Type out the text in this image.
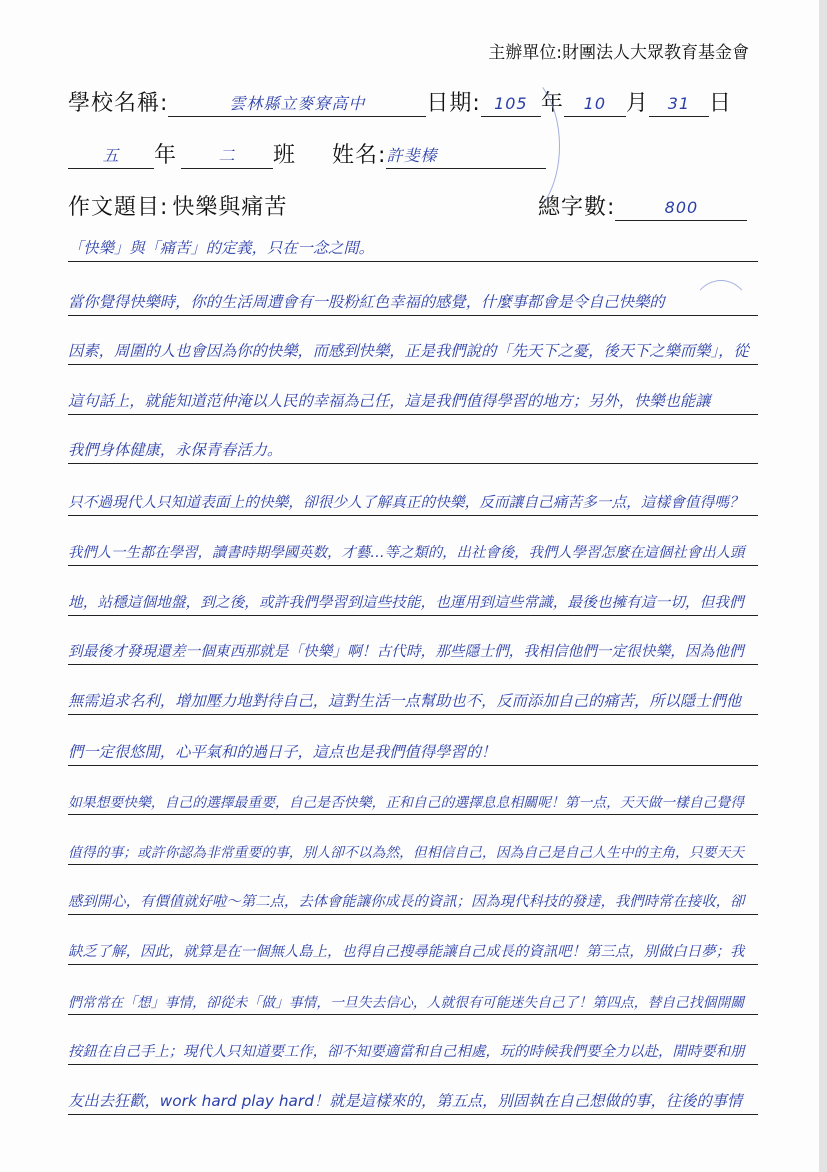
主辦單位:財團法人大眾教育基金會
學校名稱:	雲林縣立麥寮高中	日期: 105 年 10 月 31 日
五 年	二 班 姓名:許斐榛
作文題目: 快樂與痛苦	總字數:	800
「快樂」與「痛苦」的定義，只在一念之間。
當你覺得快樂時，你的生活周遭會有一股粉紅色幸福的感覺，什麼事都會是令自己快樂的
因素，周圍的人也會因為你的快樂，而感到快樂，正是我們說的「先天下之憂，後天下之樂而樂」，從
這句話上，就能知道范仲淹以人民的幸福為己任，這是我們值得學習的地方；另外，快樂也能讓
我們身体健康，永保青春活力。
只不過現代人只知道表面上的快樂，卻很少人了解真正的快樂，反而讓自己痛苦多一点，這樣會值得嗎？
我們人一生都在學習，讀書時期學國英数，才藝…等之類的，出社會後，我們人學習怎麼在這個社會出人頭
地，站穩這個地盤，到之後，或許我們學習到這些技能，也運用到這些常識，最後也擁有這一切，但我們
到最後才發現還差一個東西那就是「快樂」啊！古代時，那些隱士們，我相信他們一定很快樂，因為他們
無需追求名利，增加壓力地對待自己，這對生活一点幫助也不，反而添加自己的痛苦，所以隱士們他
們一定很悠閒，心平氣和的過日子，這点也是我們值得學習的！
如果想要快樂，自己的選擇最重要，自己是否快樂，正和自己的選擇息息相關呢！第一点，天天做一樣自己覺得
值得的事；或許你認為非常重要的事，別人卻不以為然，但相信自己，因為自己是自己人生中的主角，只要天天
感到開心，有價值就好啦～第二点，去体會能讓你成長的資訊；因為現代科技的發達，我們時常在接收，卻
缺乏了解，因此，就算是在一個無人島上，也得自己搜尋能讓自己成長的資訊吧！第三点，別做白日夢；我
們常常在「想」事情，卻從未「做」事情，一旦失去信心，人就很有可能迷失自己了！第四点，替自己找個開關
按鈕在自己手上；現代人只知道要工作，卻不知要適當和自己相處，玩的時候我們要全力以赴，閒時要和朋
友出去狂歡，work hard play hard！就是這樣來的，第五点，別固執在自己想做的事，往後的事情
